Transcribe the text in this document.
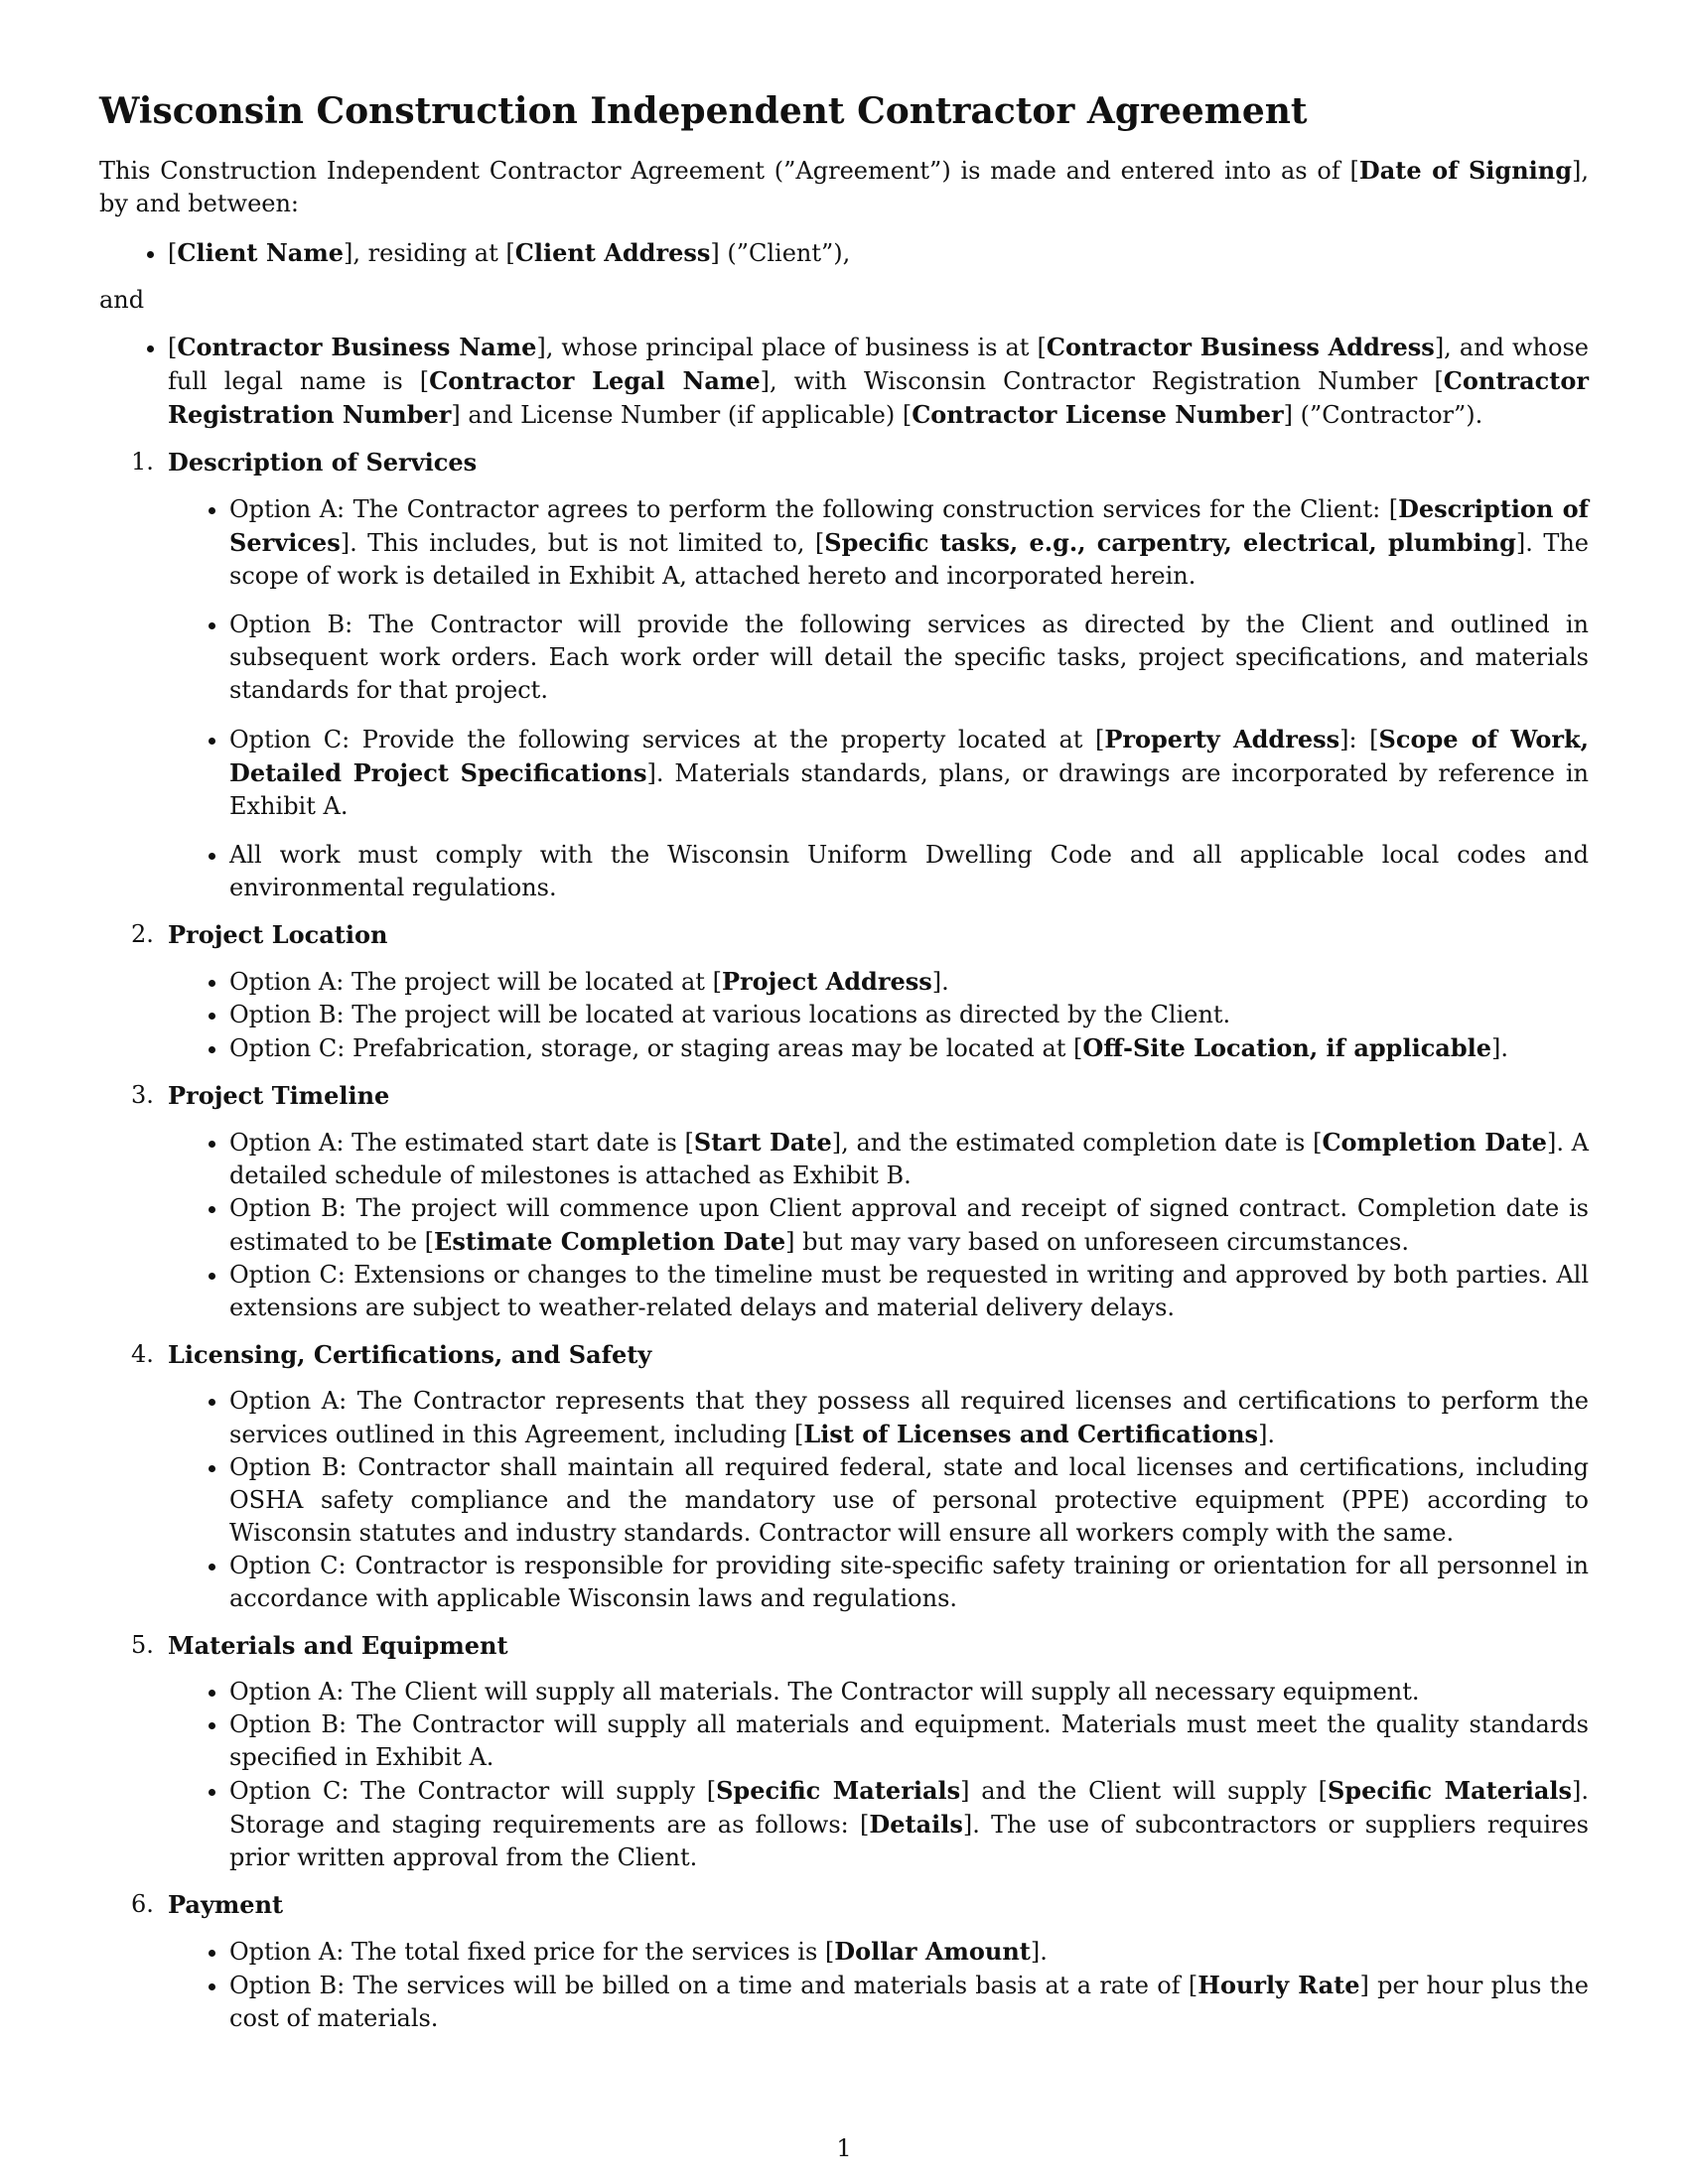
Wisconsin Construction Independent Contractor Agreement

This Construction Independent Contractor Agreement (”Agreement”) is made and entered into as of [Date of Signing], by and between:

• [Client Name], residing at [Client Address] (”Client”),

and

• [Contractor Business Name], whose principal place of business is at [Contractor Business Address], and whose full legal name is [Contractor Legal Name], with Wisconsin Contractor Registration Number [Contractor Registration Number] and License Number (if applicable) [Contractor License Number] (”Contractor”).
1. Description of Services
• Option A: The Contractor agrees to perform the following construction services for the Client: [Description of Services]. This includes, but is not limited to, [Specific tasks, e.g., carpentry, electrical, plumbing]. The scope of work is detailed in Exhibit A, attached hereto and incorporated herein.
• Option B: The Contractor will provide the following services as directed by the Client and outlined in subsequent work orders. Each work order will detail the specific tasks, project specifications, and materials standards for that project.
• Option C: Provide the following services at the property located at [Property Address]: [Scope of Work, Detailed Project Specifications]. Materials standards, plans, or drawings are incorporated by reference in Exhibit A.
• All work must comply with the Wisconsin Uniform Dwelling Code and all applicable local codes and environmental regulations.
2. Project Location
• Option A: The project will be located at [Project Address].
• Option B: The project will be located at various locations as directed by the Client.
• Option C: Prefabrication, storage, or staging areas may be located at [Off-Site Location, if applicable].
3. Project Timeline
• Option A: The estimated start date is [Start Date], and the estimated completion date is [Completion Date]. A detailed schedule of milestones is attached as Exhibit B.
• Option B: The project will commence upon Client approval and receipt of signed contract. Completion date is estimated to be [Estimate Completion Date] but may vary based on unforeseen circumstances.
• Option C: Extensions or changes to the timeline must be requested in writing and approved by both parties. All extensions are subject to weather-related delays and material delivery delays.
4. Licensing, Certifications, and Safety
• Option A: The Contractor represents that they possess all required licenses and certifications to perform the services outlined in this Agreement, including [List of Licenses and Certifications].
• Option B: Contractor shall maintain all required federal, state and local licenses and certifications, including OSHA safety compliance and the mandatory use of personal protective equipment (PPE) according to Wisconsin statutes and industry standards. Contractor will ensure all workers comply with the same.
• Option C: Contractor is responsible for providing site-specific safety training or orientation for all personnel in accordance with applicable Wisconsin laws and regulations.
5. Materials and Equipment
• Option A: The Client will supply all materials. The Contractor will supply all necessary equipment.
• Option B: The Contractor will supply all materials and equipment. Materials must meet the quality standards specified in Exhibit A.
• Option C: The Contractor will supply [Specific Materials] and the Client will supply [Specific Materials]. Storage and staging requirements are as follows: [Details]. The use of subcontractors or suppliers requires prior written approval from the Client.
6. Payment
• Option A: The total fixed price for the services is [Dollar Amount].
• Option B: The services will be billed on a time and materials basis at a rate of [Hourly Rate] per hour plus the cost of materials.
1
